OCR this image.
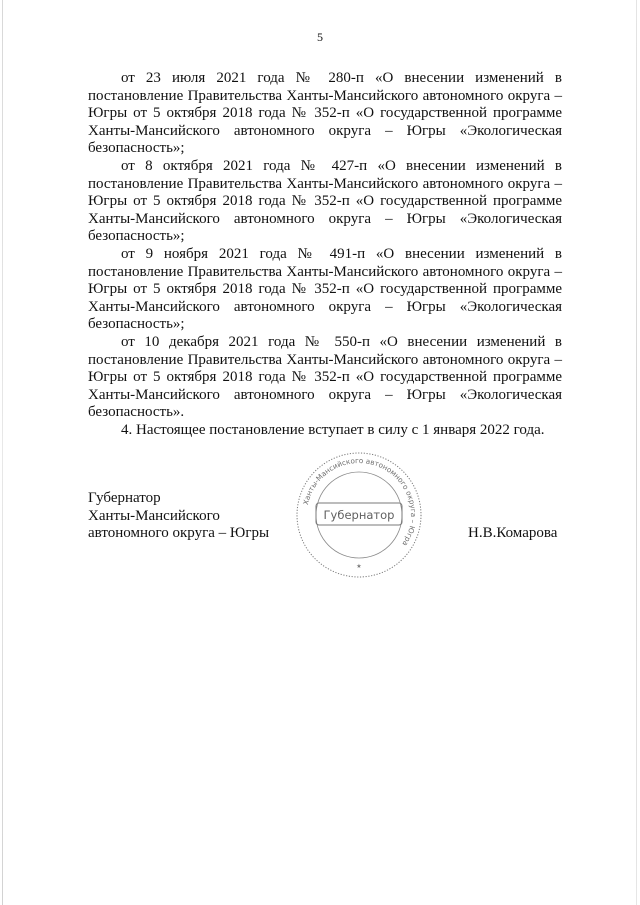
5

от 23 июля 2021 года № 280-п «О внесении изменений в постановление Правительства Ханты-Мансийского автономного округа – Югры от 5 октября 2018 года № 352-п «О государственной программе Ханты-Мансийского автономного округа – Югры «Экологическая безопасность»;

от 8 октября 2021 года № 427-п «О внесении изменений в постановление Правительства Ханты-Мансийского автономного округа – Югры от 5 октября 2018 года № 352-п «О государственной программе Ханты-Мансийского автономного округа – Югры «Экологическая безопасность»;

от 9 ноября 2021 года № 491-п «О внесении изменений в постановление Правительства Ханты-Мансийского автономного округа – Югры от 5 октября 2018 года № 352-п «О государственной программе Ханты-Мансийского автономного округа – Югры «Экологическая безопасность»;

от 10 декабря 2021 года № 550-п «О внесении изменений в постановление Правительства Ханты-Мансийского автономного округа – Югры от 5 октября 2018 года № 352-п «О государственной программе Ханты-Мансийского автономного округа – Югры «Экологическая безопасность».

4. Настоящее постановление вступает в силу с 1 января 2022 года.

Губернатор
Ханты-Мансийского
автономного округа – Югры	Н.В.Комарова
Ханты-Мансийского автономного округа – Югра
Губернатор
★
